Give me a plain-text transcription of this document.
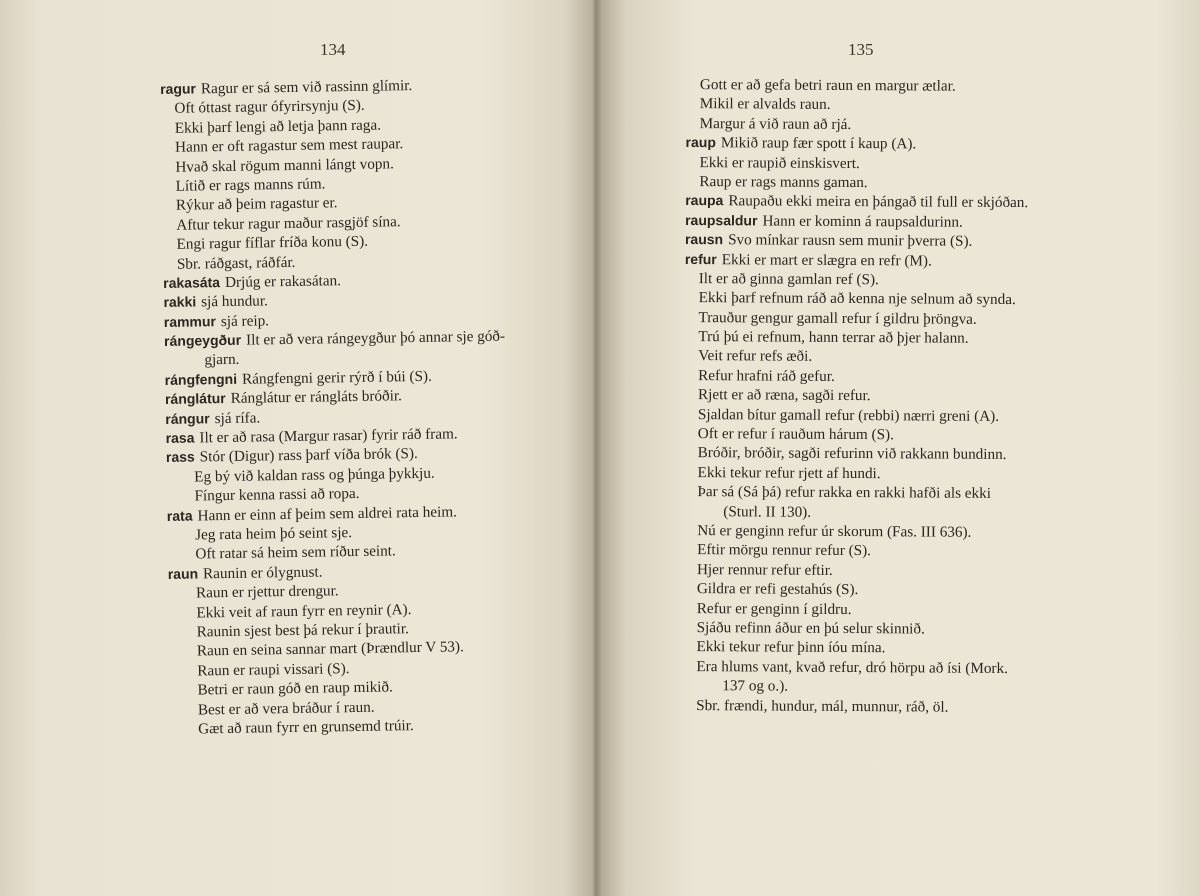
134
ragur Ragur er sá sem við rassinn glímir.
Oft óttast ragur ófyrirsynju (S).
Ekki þarf lengi að letja þann raga.
Hann er oft ragastur sem mest raupar.
Hvað skal rögum manni lángt vopn.
Lítið er rags manns rúm.
Rýkur að þeim ragastur er.
Aftur tekur ragur maður rasgjöf sína.
Engi ragur fíflar fríða konu (S).
Sbr. ráðgast, ráðfár.
rakasáta Drjúg er rakasátan.
rakki sjá hundur.
rammur sjá reip.
rángeygður Ilt er að vera rángeygður þó annar sje góð-
gjarn.
rángfengni Rángfengni gerir rýrð í búi (S).
ránglátur Ránglátur er rángláts bróðir.
rángur sjá rífa.
rasa Ilt er að rasa (Margur rasar) fyrir ráð fram.
rass Stór (Digur) rass þarf víða brók (S).
Eg bý við kaldan rass og þúnga þykkju.
Fíngur kenna rassi að ropa.
rata Hann er einn af þeim sem aldrei rata heim.
Jeg rata heim þó seint sje.
Oft ratar sá heim sem ríður seint.
raun Raunin er ólygnust.
Raun er rjettur drengur.
Ekki veit af raun fyrr en reynir (A).
Raunin sjest best þá rekur í þrautir.
Raun en seina sannar mart (Þrændlur V 53).
Raun er raupi vissari (S).
Betri er raun góð en raup mikið.
Best er að vera bráður í raun.
Gæt að raun fyrr en grunsemd trúir.
135
Gott er að gefa betri raun en margur ætlar.
Mikil er alvalds raun.
Margur á við raun að rjá.
raup Mikið raup fær spott í kaup (A).
Ekki er raupið einskisvert.
Raup er rags manns gaman.
raupa Raupaðu ekki meira en þángað til full er skjóðan.
raupsaldur Hann er kominn á raupsaldurinn.
rausn Svo mínkar rausn sem munir þverra (S).
refur Ekki er mart er slægra en refr (M).
Ilt er að ginna gamlan ref (S).
Ekki þarf refnum ráð að kenna nje selnum að synda.
Trauður gengur gamall refur í gildru þröngva.
Trú þú ei refnum, hann terrar að þjer halann.
Veit refur refs æði.
Refur hrafni ráð gefur.
Rjett er að ræna, sagði refur.
Sjaldan bítur gamall refur (rebbi) nærri greni (A).
Oft er refur í rauðum hárum (S).
Bróðir, bróðir, sagði refurinn við rakkann bundinn.
Ekki tekur refur rjett af hundi.
Þar sá (Sá þá) refur rakka en rakki hafði als ekki
(Sturl. II 130).
Nú er genginn refur úr skorum (Fas. III 636).
Eftir mörgu rennur refur (S).
Hjer rennur refur eftir.
Gildra er refi gestahús (S).
Refur er genginn í gildru.
Sjáðu refinn áður en þú selur skinnið.
Ekki tekur refur þinn íóu mína.
Era hlums vant, kvað refur, dró hörpu að ísi (Mork.
137 og o.).
Sbr. frændi, hundur, mál, munnur, ráð, öl.
